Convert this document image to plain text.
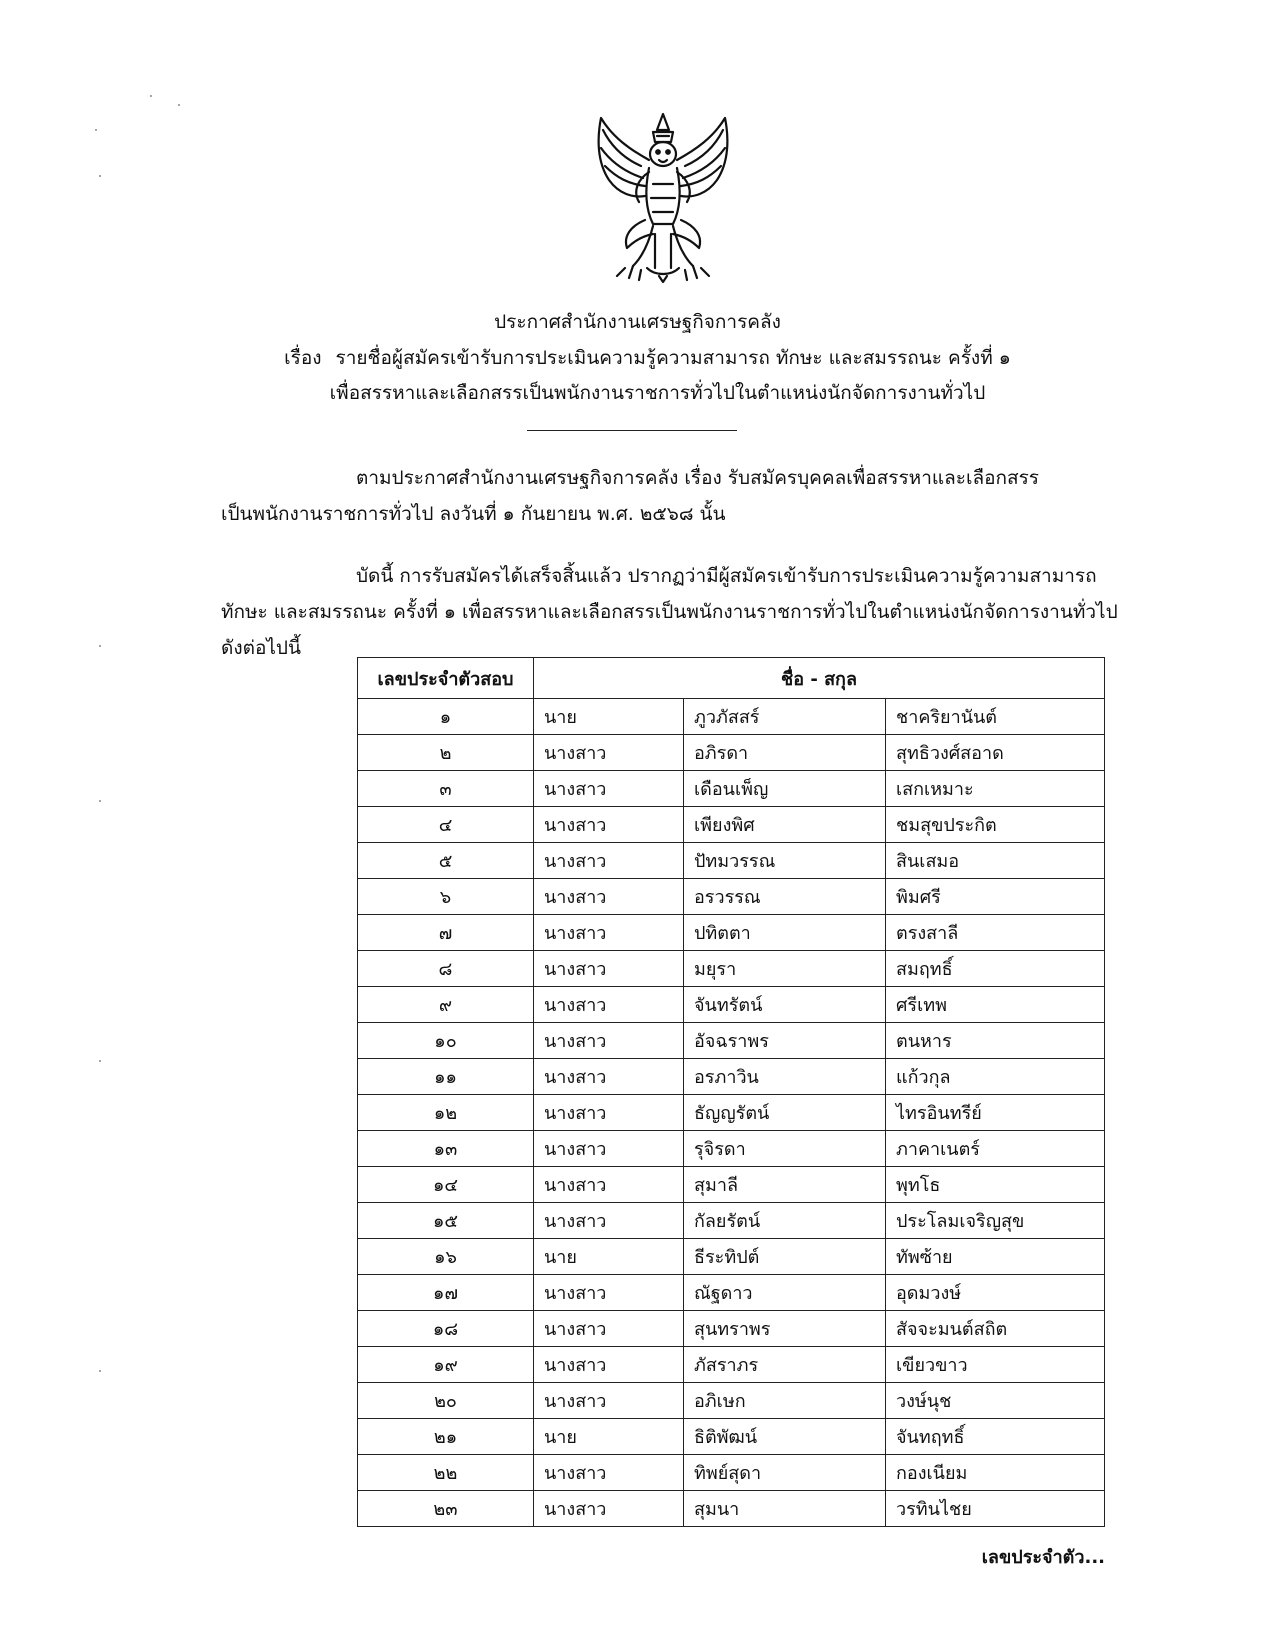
ประกาศสำนักงานเศรษฐกิจการคลัง
เรื่อง รายชื่อผู้สมัครเข้ารับการประเมินความรู้ความสามารถ ทักษะ และสมรรถนะ ครั้งที่ ๑
เพื่อสรรหาและเลือกสรรเป็นพนักงานราชการทั่วไปในตำแหน่งนักจัดการงานทั่วไป
ตามประกาศสำนักงานเศรษฐกิจการคลัง เรื่อง รับสมัครบุคคลเพื่อสรรหาและเลือกสรร
เป็นพนักงานราชการทั่วไป ลงวันที่ ๑ กันยายน พ.ศ. ๒๕๖๘ นั้น
บัดนี้ การรับสมัครได้เสร็จสิ้นแล้ว ปรากฏว่ามีผู้สมัครเข้ารับการประเมินความรู้ความสามารถ
ทักษะ และสมรรถนะ ครั้งที่ ๑ เพื่อสรรหาและเลือกสรรเป็นพนักงานราชการทั่วไปในตำแหน่งนักจัดการงานทั่วไป
ดังต่อไปนี้
เลขประจำตัวสอบ	ชื่อ - สกุล		
๑	นาย	ภูวภัสสร์	ชาคริยานันต์
๒	นางสาว	อภิรดา	สุทธิวงศ์สอาด
๓	นางสาว	เดือนเพ็ญ	เสกเหมาะ
๔	นางสาว	เพียงพิศ	ชมสุขประกิต
๕	นางสาว	ปัทมวรรณ	สินเสมอ
๖	นางสาว	อรวรรณ	พิมศรี
๗	นางสาว	ปทิตตา	ตรงสาลี
๘	นางสาว	มยุรา	สมฤทธิ์
๙	นางสาว	จันทรัตน์	ศรีเทพ
๑๐	นางสาว	อัจฉราพร	ตนหาร
๑๑	นางสาว	อรภาวิน	แก้วกุล
๑๒	นางสาว	ธัญญรัตน์	ไทรอินทรีย์
๑๓	นางสาว	รุจิรดา	ภาคาเนตร์
๑๔	นางสาว	สุมาลี	พุทโธ
๑๕	นางสาว	กัลยรัตน์	ประโลมเจริญสุข
๑๖	นาย	ธีระทิปต์	ทัพซ้าย
๑๗	นางสาว	ณัฐดาว	อุดมวงษ์
๑๘	นางสาว	สุนทราพร	สัจจะมนต์สถิต
๑๙	นางสาว	ภัสราภร	เขียวขาว
๒๐	นางสาว	อภิเษก	วงษ์นุช
๒๑	นาย	ธิติพัฒน์	จันทฤทธิ์
๒๒	นางสาว	ทิพย์สุดา	กองเนียม
๒๓	นางสาว	สุมนา	วรทินไชย
เลขประจำตัว...
